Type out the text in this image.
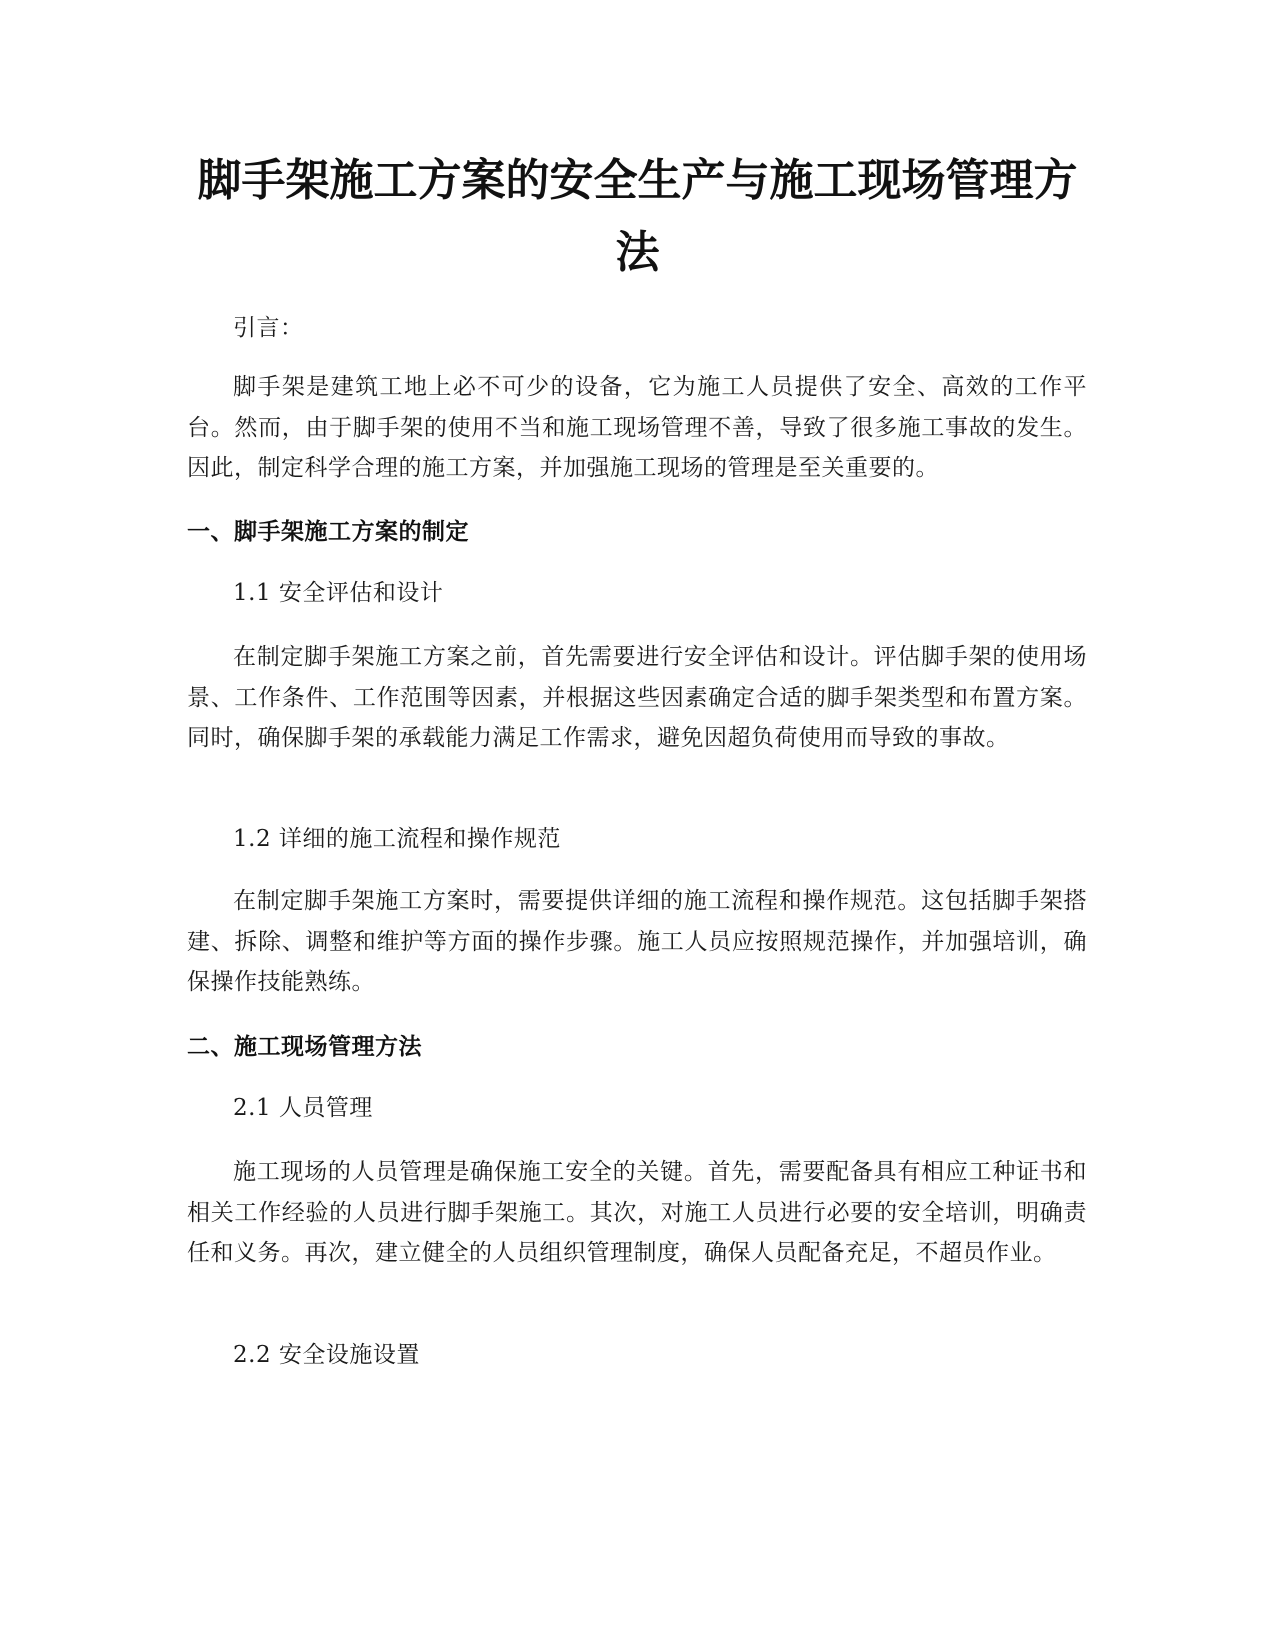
脚手架施工方案的安全生产与施工现场管理方法

引言：

脚手架是建筑工地上必不可少的设备，它为施工人员提供了安全、高效的工作平台。然而，由于脚手架的使用不当和施工现场管理不善，导致了很多施工事故的发生。因此，制定科学合理的施工方案，并加强施工现场的管理是至关重要的。

一、脚手架施工方案的制定

1.1 安全评估和设计

在制定脚手架施工方案之前，首先需要进行安全评估和设计。评估脚手架的使用场景、工作条件、工作范围等因素，并根据这些因素确定合适的脚手架类型和布置方案。同时，确保脚手架的承载能力满足工作需求，避免因超负荷使用而导致的事故。

1.2 详细的施工流程和操作规范

在制定脚手架施工方案时，需要提供详细的施工流程和操作规范。这包括脚手架搭建、拆除、调整和维护等方面的操作步骤。施工人员应按照规范操作，并加强培训，确保操作技能熟练。

二、施工现场管理方法

2.1 人员管理

施工现场的人员管理是确保施工安全的关键。首先，需要配备具有相应工种证书和相关工作经验的人员进行脚手架施工。其次，对施工人员进行必要的安全培训，明确责任和义务。再次，建立健全的人员组织管理制度，确保人员配备充足，不超员作业。

2.2 安全设施设置
